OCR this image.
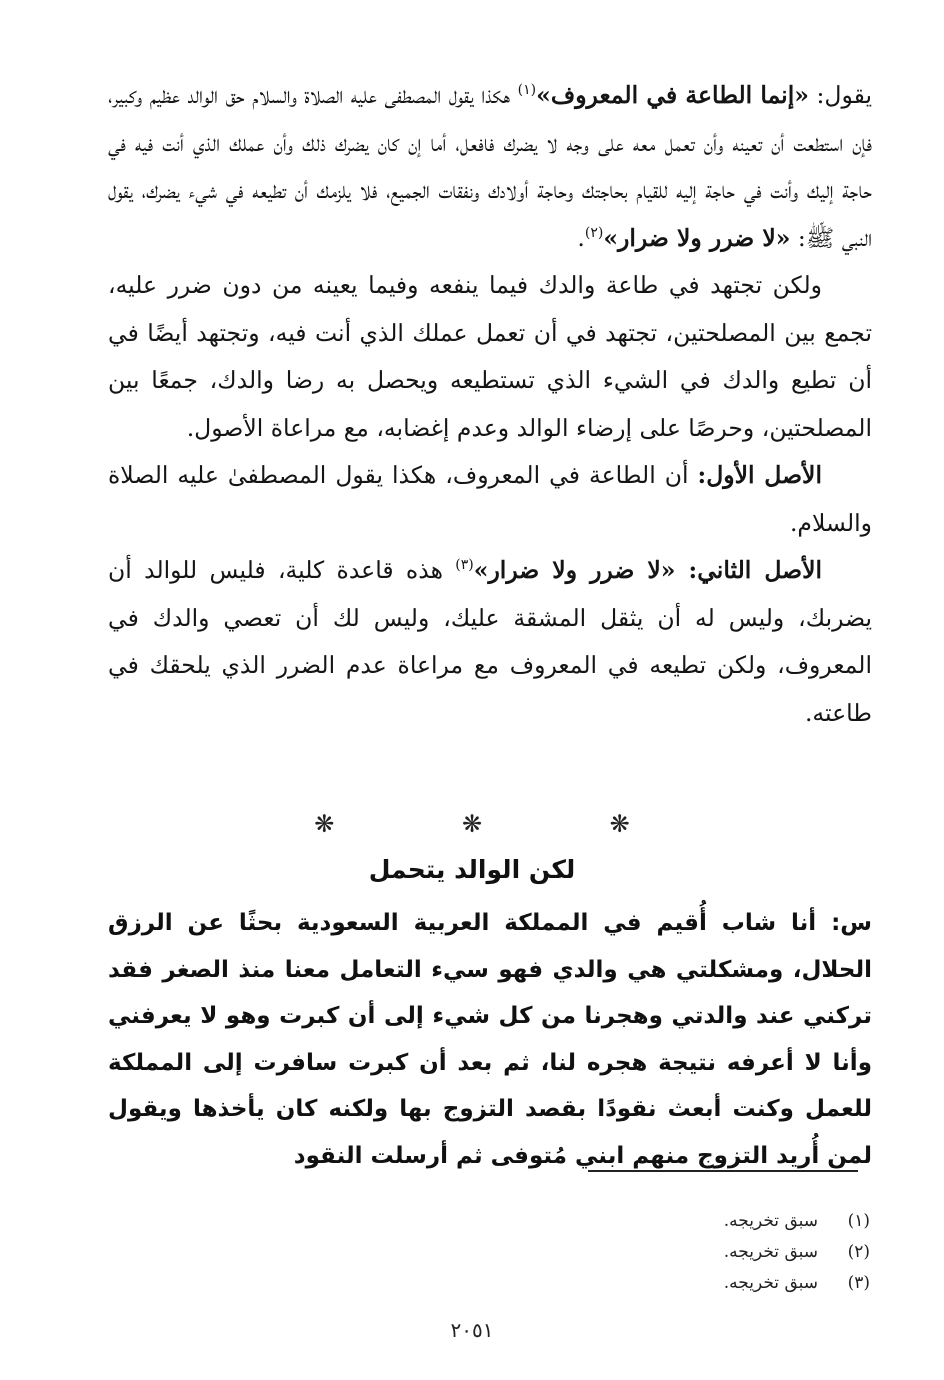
يقول: «إنما الطاعة في المعروف»$^{(١)}$ هكذا يقول المصطفى عليه الصلاة والسلام حق الوالد عظيم وكبير، فإن استطعت أن تعينه وأن تعمل معه على وجه لا يضرك فافعل، أما إن كان يضرك ذلك وأن عملك الذي أنت فيه في حاجة إليك وأنت في حاجة إليه للقيام بحاجتك وحاجة أولادك ونفقات الجميع، فلا يلزمك أن تطيعه في شيء يضرك، يقول النبي ﷺ: «لا ضرر ولا ضرار»$^{(٢)}$.

ولكن تجتهد في طاعة والدك فيما ينفعه وفيما يعينه من دون ضرر عليه، تجمع بين المصلحتين، تجتهد في أن تعمل عملك الذي أنت فيه، وتجتهد أيضًا في أن تطيع والدك في الشيء الذي تستطيعه ويحصل به رضا والدك، جمعًا بين المصلحتين، وحرصًا على إرضاء الوالد وعدم إغضابه، مع مراعاة الأصول.

الأصل الأول: أن الطاعة في المعروف، هكذا يقول المصطفىٰ عليه الصلاة والسلام.

الأصل الثاني: «لا ضرر ولا ضرار»$^{(٣)}$ هذه قاعدة كلية، فليس للوالد أن يضربك، وليس له أن يثقل المشقة عليك، وليس لك أن تعصي والدك في المعروف، ولكن تطيعه في المعروف مع مراعاة عدم الضرر الذي يلحقك في طاعته.

❋ ❋ ❋
لكن الوالد يتحمل

س: أنا شاب أُقيم في المملكة العربية السعودية بحثًا عن الرزق الحلال، ومشكلتي هي والدي فهو سيء التعامل معنا منذ الصغر فقد تركني عند والدتي وهجرنا من كل شيء إلى أن كبرت وهو لا يعرفني وأنا لا أعرفه نتيجة هجره لنا، ثم بعد أن كبرت سافرت إلى المملكة للعمل وكنت أبعث نقودًا بقصد التزوج بها ولكنه كان يأخذها ويقول لمن أُريد التزوج منهم ابني مُتوفى ثم أرسلت النقود

(١)سبق تخريجه.
(٢)سبق تخريجه.
(٣)سبق تخريجه.
٢٠٥١
